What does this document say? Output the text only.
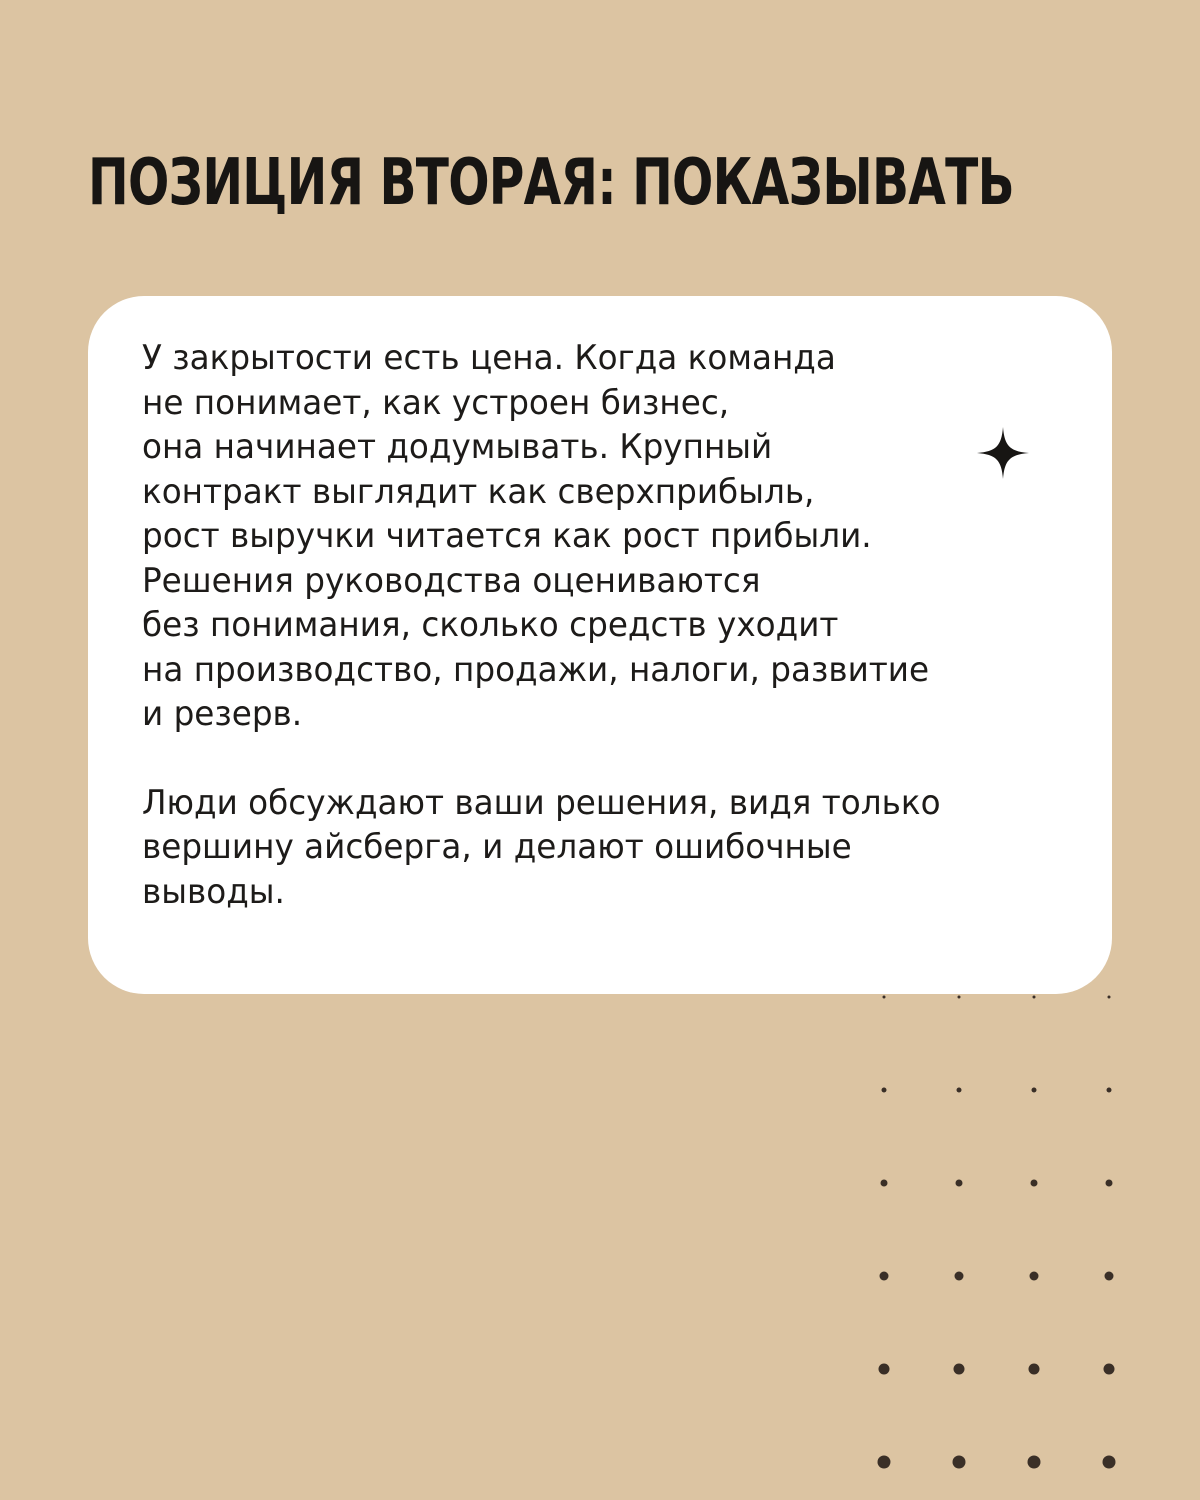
ПОЗИЦИЯ ВТОРАЯ: ПОКАЗЫВАТЬ

У закрытости есть цена. Когда команда
не понимает, как устроен бизнес,
она начинает додумывать. Крупный
контракт выглядит как сверхприбыль,
рост выручки читается как рост прибыли.
Решения руководства оцениваются
без понимания, сколько средств уходит
на производство, продажи, налоги, развитие
и резерв.

Люди обсуждают ваши решения, видя только
вершину айсберга, и делают ошибочные
выводы.
